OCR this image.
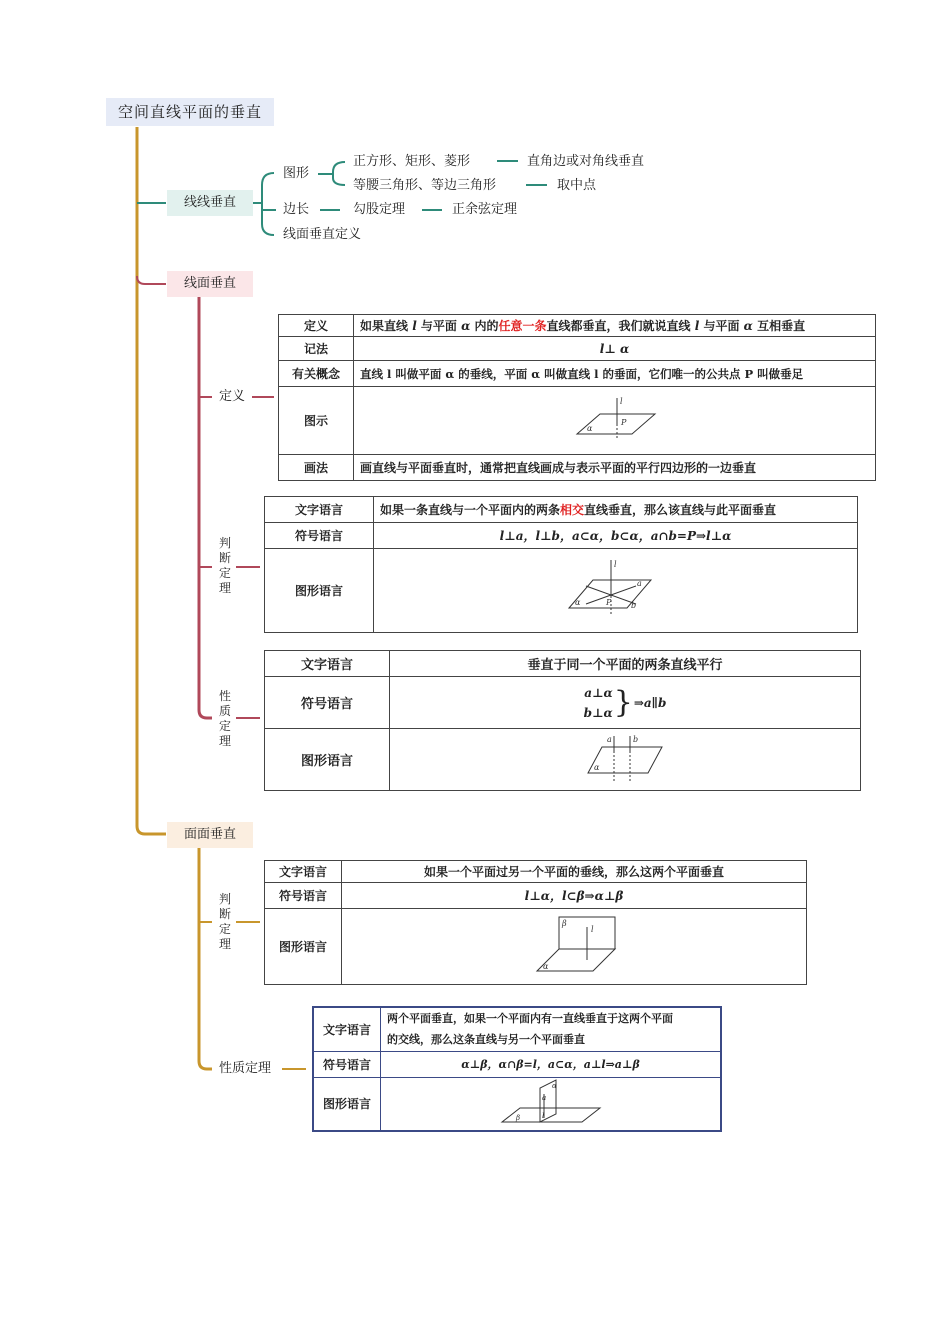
空间直线平面的垂直
线线垂直
图形
正方形、矩形、菱形	直角边或对角线垂直
等腰三角形、等边三角形	取中点
边长	勾股定理	正余弦定理
线面垂直定义
线面垂直
定义
定义	如果直线 l 与平面 α 内的任意一条直线都垂直，我们就说直线 l 与平面 α 互相垂直
记法	l⊥ α
有关概念	直线 l 叫做平面 α 的垂线，平面 α 叫做直线 l 的垂面，它们唯一的公共点 P 叫做垂足
图示	l
P
α

画法	画直线与平面垂直时，通常把直线画成与表示平面的平行四边形的一边垂直
判断定理
文字语言	如果一条直线与一个平面内的两条相交直线垂直，那么该直线与此平面垂直
符号语言	l⊥a，l⊥b，a⊂α，b⊂α，a∩b=P⇒l⊥α
图形语言	l
a
b
P
α
性质定理
文字语言	垂直于同一个平面的两条直线平行
符号语言	a⊥α
b⊥α } ⇒a∥b

图形语言	a b
α
面面垂直
判断定理
文字语言	如果一个平面过另一个平面的垂线，那么这两个平面垂直
符号语言	l⊥α，l⊂β⇒α⊥β
图形语言	β
l
α
性质定理
文字语言	两个平面垂直，如果一个平面内有一直线垂直于这两个平面
的交线，那么这条直线与另一个平面垂直

符号语言	α⊥β，α∩β=l，a⊂α，a⊥l⇒a⊥β
图形语言	α
a
l
β
